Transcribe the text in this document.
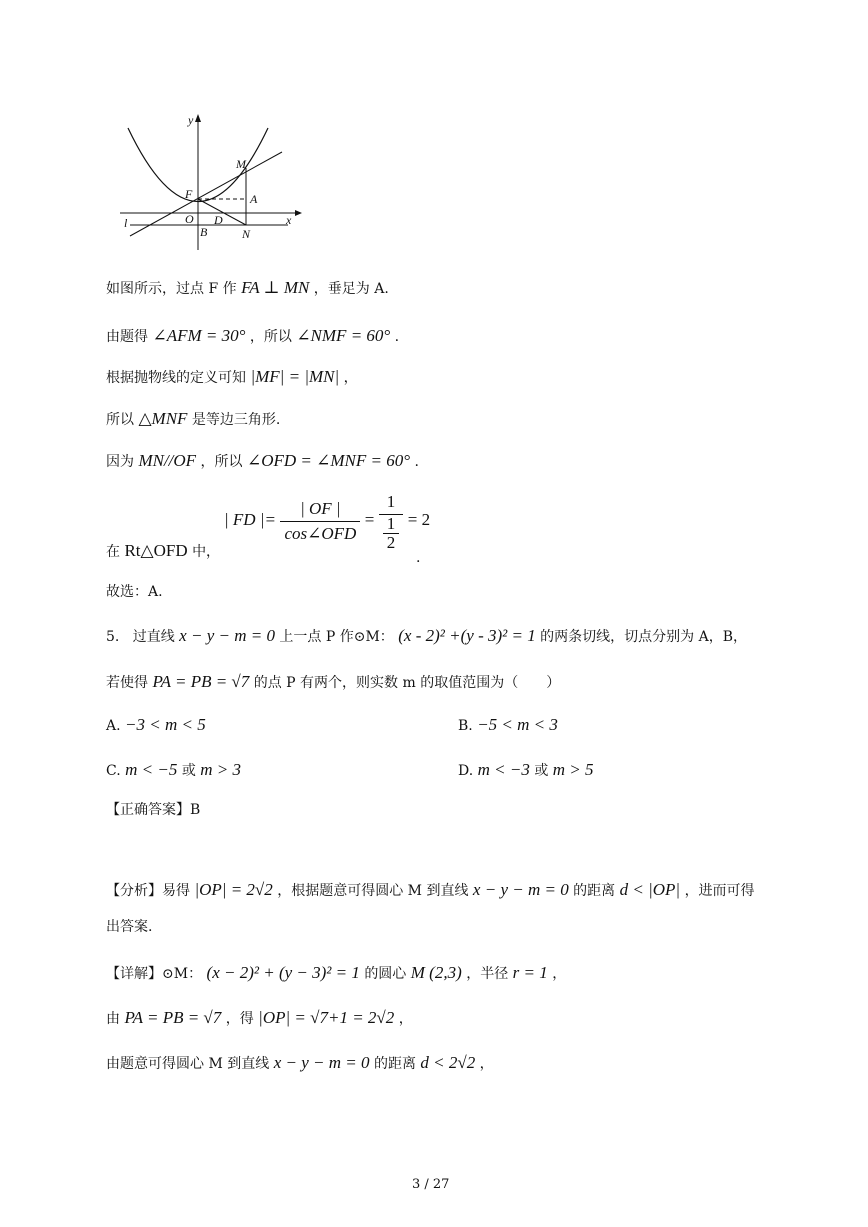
y
x
M
F	A
O D
l
B	N
如图所示，过点 F 作 FA ⊥ MN ，垂足为 A.
由题得 ∠AFM = 30° ，所以 ∠NMF = 60° .
根据抛物线的定义可知 |MF| = |MN| ，
所以 △MNF 是等边三角形.
因为 MN//OF ，所以 ∠OFD = ∠MNF = 60° .
| FD |= $\frac{| OF |}{\text{cos∠OFD}} = \frac{1}{\frac{1}{2}} = 2$
在 Rt△OFD 中，	.
故选：A.
5. 过直线 x − y − m = 0 上一点 P 作⊙M： (x - 2)² +(y - 3)² = 1 的两条切线，切点分别为 A，B，
若使得 PA = PB = √7 的点 P 有两个，则实数 m 的取值范围为（　　）
A. −3 < m < 5	B. −5 < m < 3
C. m < −5 或 m > 3	D. m < −3 或 m > 5
【正确答案】B
【分析】易得 |OP| = 2√2 ，根据题意可得圆心 M 到直线 x − y − m = 0 的距离 d < |OP| ，进而可得
出答案.
【详解】⊙M： (x − 2)² + (y − 3)² = 1 的圆心 M (2,3) ，半径 r = 1 ，
由 PA = PB = √7 ，得 |OP| = √7+1 = 2√2 ，
由题意可得圆心 M 到直线 x − y − m = 0 的距离 d < 2√2 ，
3 / 27
